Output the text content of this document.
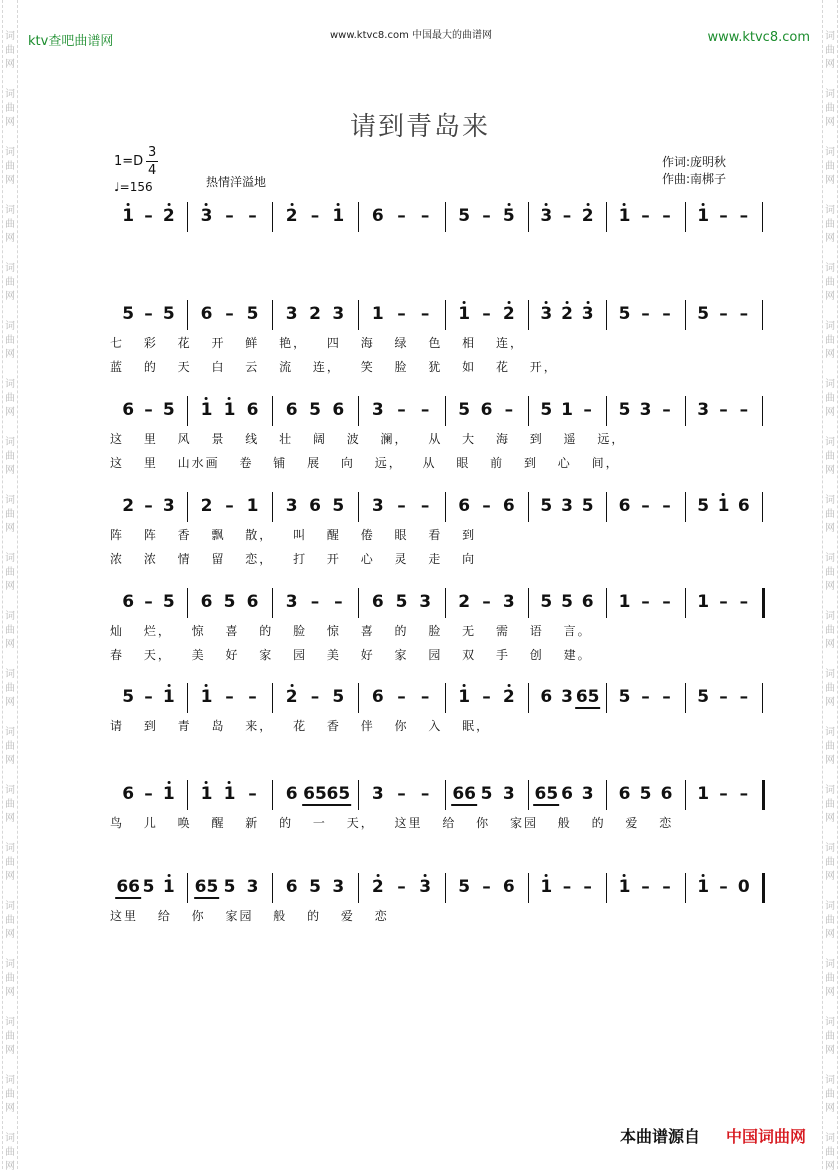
ktv查吧曲谱网	www.ktvc8.com 中国最大的曲谱网	www.ktvc8.com
请到青岛来
1=D
3
4
♩=156	热情洋溢地
作词:庞明秋
作曲:南梆子
1 – 2 3 – – 2 – 1 6 – – 5 – 5 3 – 2 1 – – 1 – –
5 – 5 6 – 5 3 2 3 1 – – 1 – 2 3 2 3 5 – – 5 – –
七 彩 花 开 鲜 艳， 四 海 绿 色 相 连，
蓝 的 天 白 云 流 连， 笑 脸 犹 如 花 开，
6 – 5 1 1 6 6 5 6 3 – – 5 6 – 5 1 – 5 3 – 3 – –
这 里 风 景 线 壮 阔 波 澜， 从 大 海 到 遥 远，
这 里 山水画 卷 铺 展 向 远， 从 眼 前 到 心 间，
2 – 3 2 – 1 3 6 5 3 – – 6 – 6 5 3 5 6 – – 5 1 6
阵 阵 香 飘 散， 叫 醒 倦 眼 看 到
浓 浓 情 留 恋， 打 开 心 灵 走 向
6 – 5 6 5 6 3 – – 6 5 3 2 – 3 5 5 6 1 – – 1 – –
灿 烂， 惊 喜 的 脸 惊 喜 的 脸 无 需 语 言。
春 天， 美 好 家 园 美 好 家 园 双 手 创 建。
5 – 1 1 – – 2 – 5 6 – – 1 – 2 6 3 65 5 – – 5 – –
请 到 青 岛 来， 花 香 伴 你 入 眠，
6 – 1 1 1 – 6 65 65 3 – – 66 5 3 65 6 3 6 5 6 1 – –
鸟 儿 唤 醒 新 的 一 天， 这里 给 你 家园 般 的 爱 恋
66 5 1 65 5 3 6 5 3 2 – 3 5 – 6 1 – – 1 – – 1 – 0
这里 给 你 家园 般 的 爱 恋
本曲谱源自 中国词曲网
词
曲
网
词
曲
网
词
曲
网
词
曲
网
词
曲
网
词
曲
网
词
曲
网
词
曲
网
词
曲
网
词
曲
网
词
曲
网
词
曲
网
词
曲
网
词
曲
网
词
曲
网
词
曲
网
词
曲
网
词
曲
网
词
曲
网
词
曲
网
词
曲
网
词
曲
网
词
曲
网
词
曲
网
词
曲
网
词
曲
网
词
曲
网
词
曲
网
词
曲
网
词
曲
网
词
曲
网
词
曲
网
词
曲
网
词
曲
网
词
曲
网
词
曲
网
词
曲
网
词
曲
网
词
曲
网
词
曲
网
